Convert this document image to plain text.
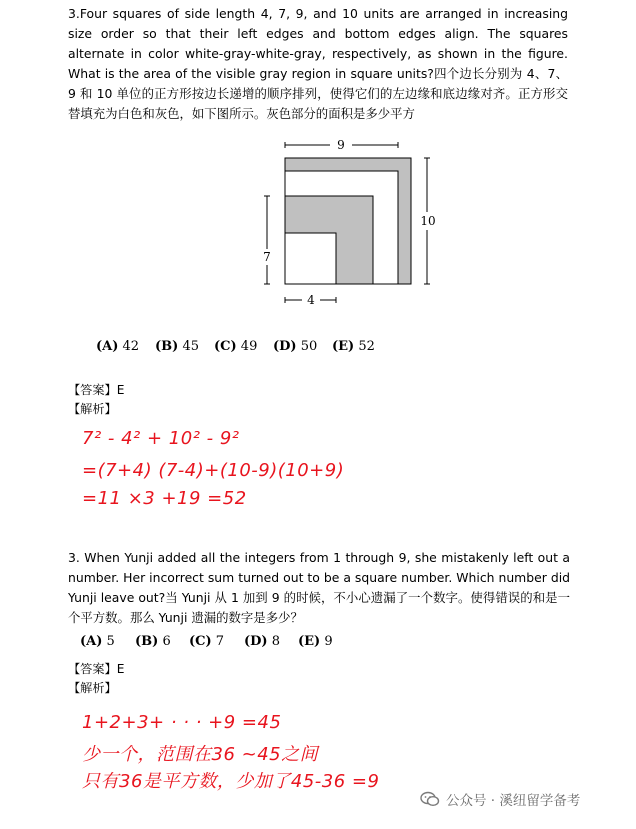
3.Four squares of side length 4, 7, 9, and 10 units are arranged in increasing size order so that their left edges and bottom edges align. The squares alternate in color white-gray-white-gray, respectively, as shown in the figure. What is the area of the visible gray region in square units?四个边长分别为 4、7、9 和 10 单位的正方形按边长递增的顺序排列，使得它们的左边缘和底边缘对齐。正方形交替填充为白色和灰色，如下图所示。灰色部分的面积是多少平方

9
10
7
4
(A) 42 (B) 45 (C) 49 (D) 50 (E) 52
【答案】E
【解析】
7² - 4² + 10² - 9²
=(7+4) (7-4)+(10-9)(10+9)
=11 ×3 +19 =52

3. When Yunji added all the integers from 1 through 9, she mistakenly left out a number. Her incorrect sum turned out to be a square number. Which number did Yunji leave out?当 Yunji 从 1 加到 9 的时候，不小心遗漏了一个数字。使得错误的和是一个平方数。那么 Yunji 遗漏的数字是多少？

(A) 5 (B) 6 (C) 7 (D) 8 (E) 9
【答案】E
【解析】
1+2+3+ · · · +9 =45
少一个，范围在36 ~45之间
只有36是平方数，少加了45-36 =9
公众号 · 溪纽留学备考
